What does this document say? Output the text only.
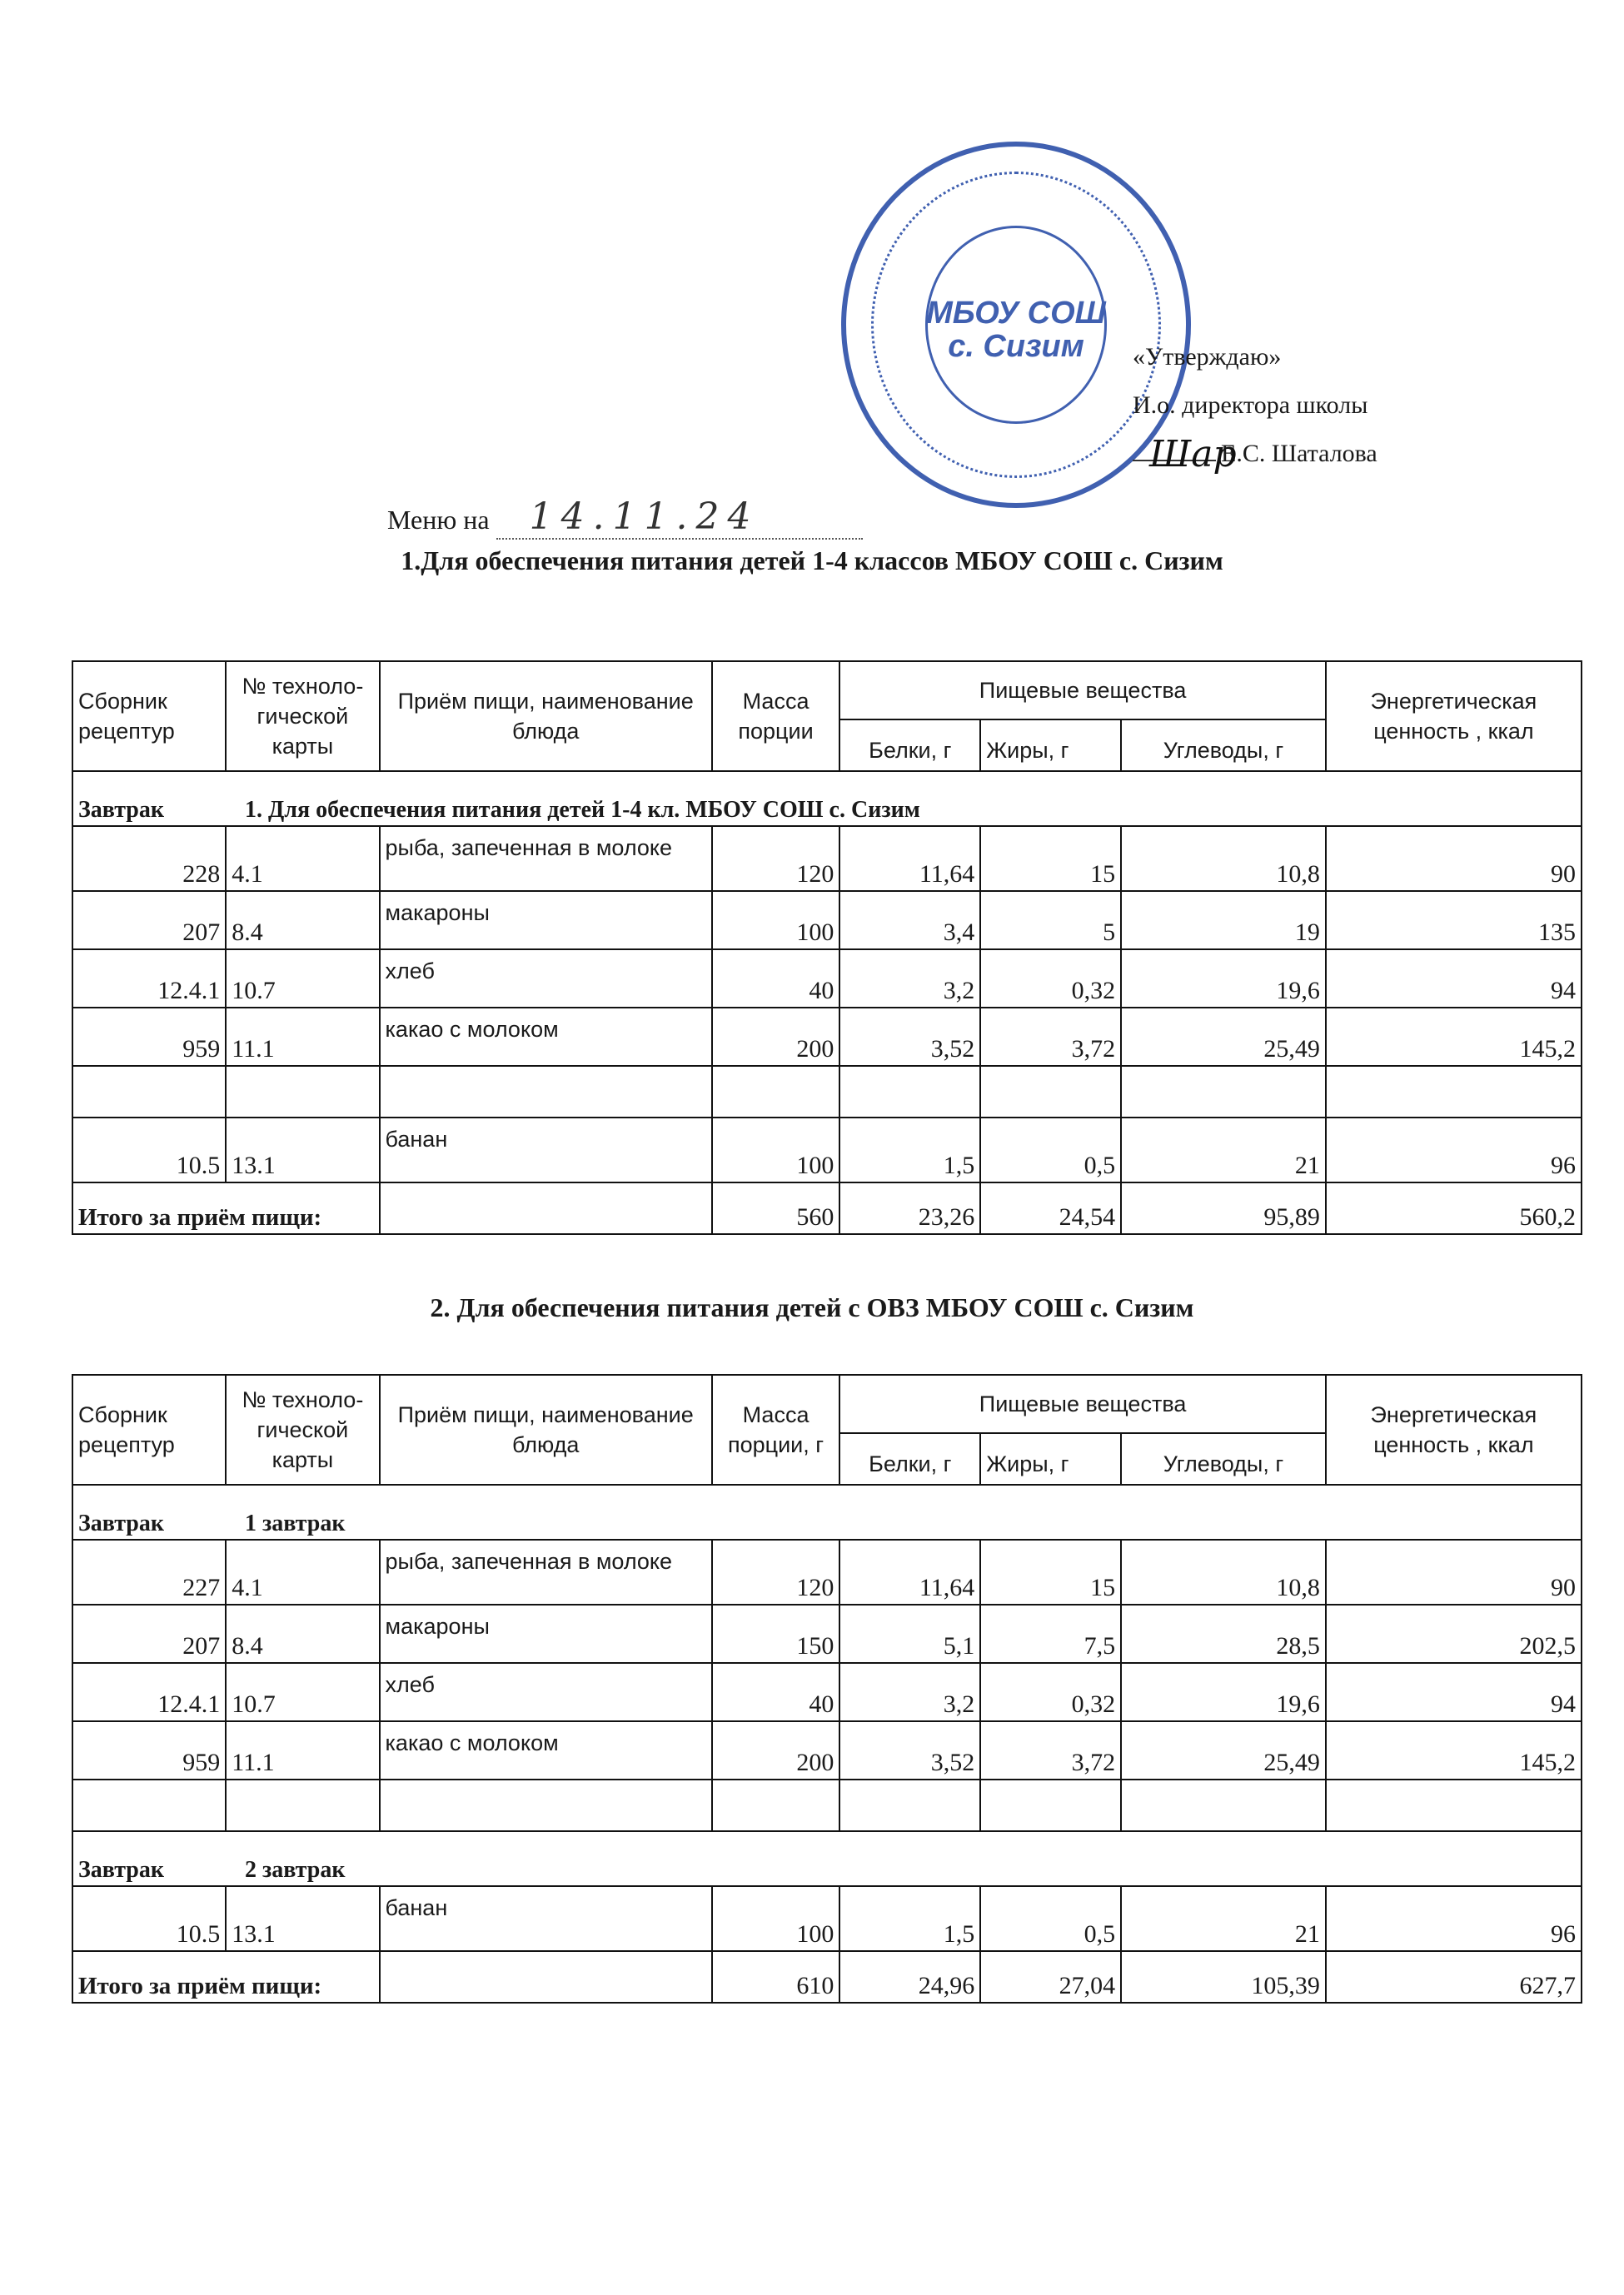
МБОУ СОШ
с. Сизим	«Утверждаю»
И.о. директора школы
Е.С. Шаталова
Шар
Меню на 14.11.24
1.Для обеспечения питания детей 1-4 классов МБОУ СОШ с. Сизим
Сборник рецептур	№ техноло-гической карты	Приём пищи, наименование блюда	Масса порции	Пищевые вещества			Энергетическая ценность , ккал
				Белки, г	Жиры, г	Углеводы, г	
Завтрак 1. Для обеспечения питания детей 1-4 кл. МБОУ СОШ с. Сизим							
228	4.1	рыба, запеченная в молоке	120	11,64	15	10,8	90
207	8.4	макароны	100	3,4	5	19	135
12.4.1	10.7	хлеб	40	3,2	0,32	19,6	94
959	11.1	какао с молоком	200	3,52	3,72	25,49	145,2

10.5	13.1	банан	100	1,5	0,5	21	96
Итого за приём пищи:			560	23,26	24,54	95,89	560,2
2. Для обеспечения питания детей с ОВЗ МБОУ СОШ с. Сизим
Сборник рецептур	№ техноло-гической карты	Приём пищи, наименование блюда	Масса порции, г	Пищевые вещества			Энергетическая ценность , ккал
				Белки, г	Жиры, г	Углеводы, г	
Завтрак 1 завтрак							
227	4.1	рыба, запеченная в молоке	120	11,64	15	10,8	90
207	8.4	макароны	150	5,1	7,5	28,5	202,5
12.4.1	10.7	хлеб	40	3,2	0,32	19,6	94
959	11.1	какао с молоком	200	3,52	3,72	25,49	145,2

Завтрак 2 завтрак							
10.5	13.1	банан	100	1,5	0,5	21	96
Итого за приём пищи:			610	24,96	27,04	105,39	627,7
